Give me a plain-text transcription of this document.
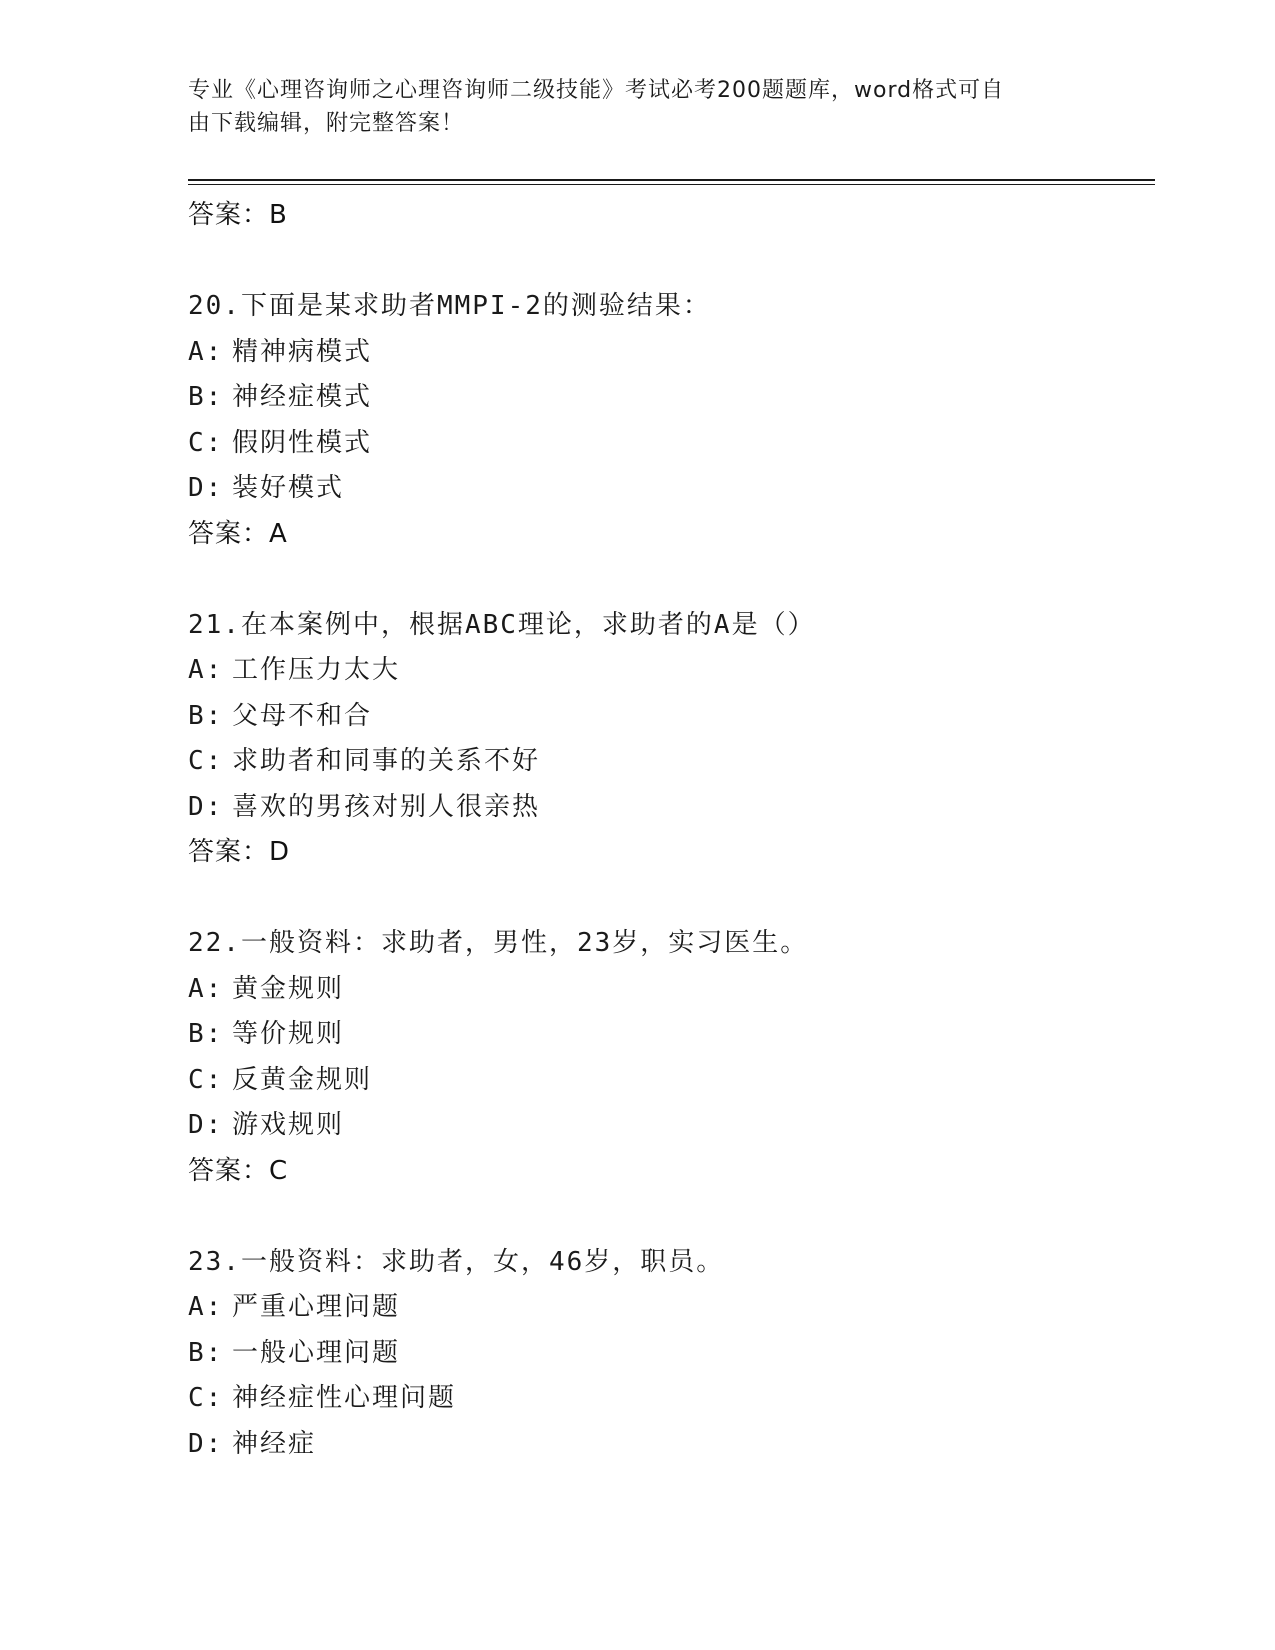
专业《心理咨询师之心理咨询师二级技能》考试必考200题题库，word格式可自
由下载编辑，附完整答案！
答案：B
20.下面是某求助者MMPI-2的测验结果：
A: 精神病模式
B: 神经症模式
C: 假阴性模式
D: 装好模式
答案：A
21.在本案例中，根据ABC理论，求助者的A是（）
A: 工作压力太大
B: 父母不和合
C: 求助者和同事的关系不好
D: 喜欢的男孩对别人很亲热
答案：D
22.一般资料：求助者，男性，23岁，实习医生。
A: 黄金规则
B: 等价规则
C: 反黄金规则
D: 游戏规则
答案：C
23.一般资料：求助者，女，46岁，职员。
A: 严重心理问题
B: 一般心理问题
C: 神经症性心理问题
D: 神经症
